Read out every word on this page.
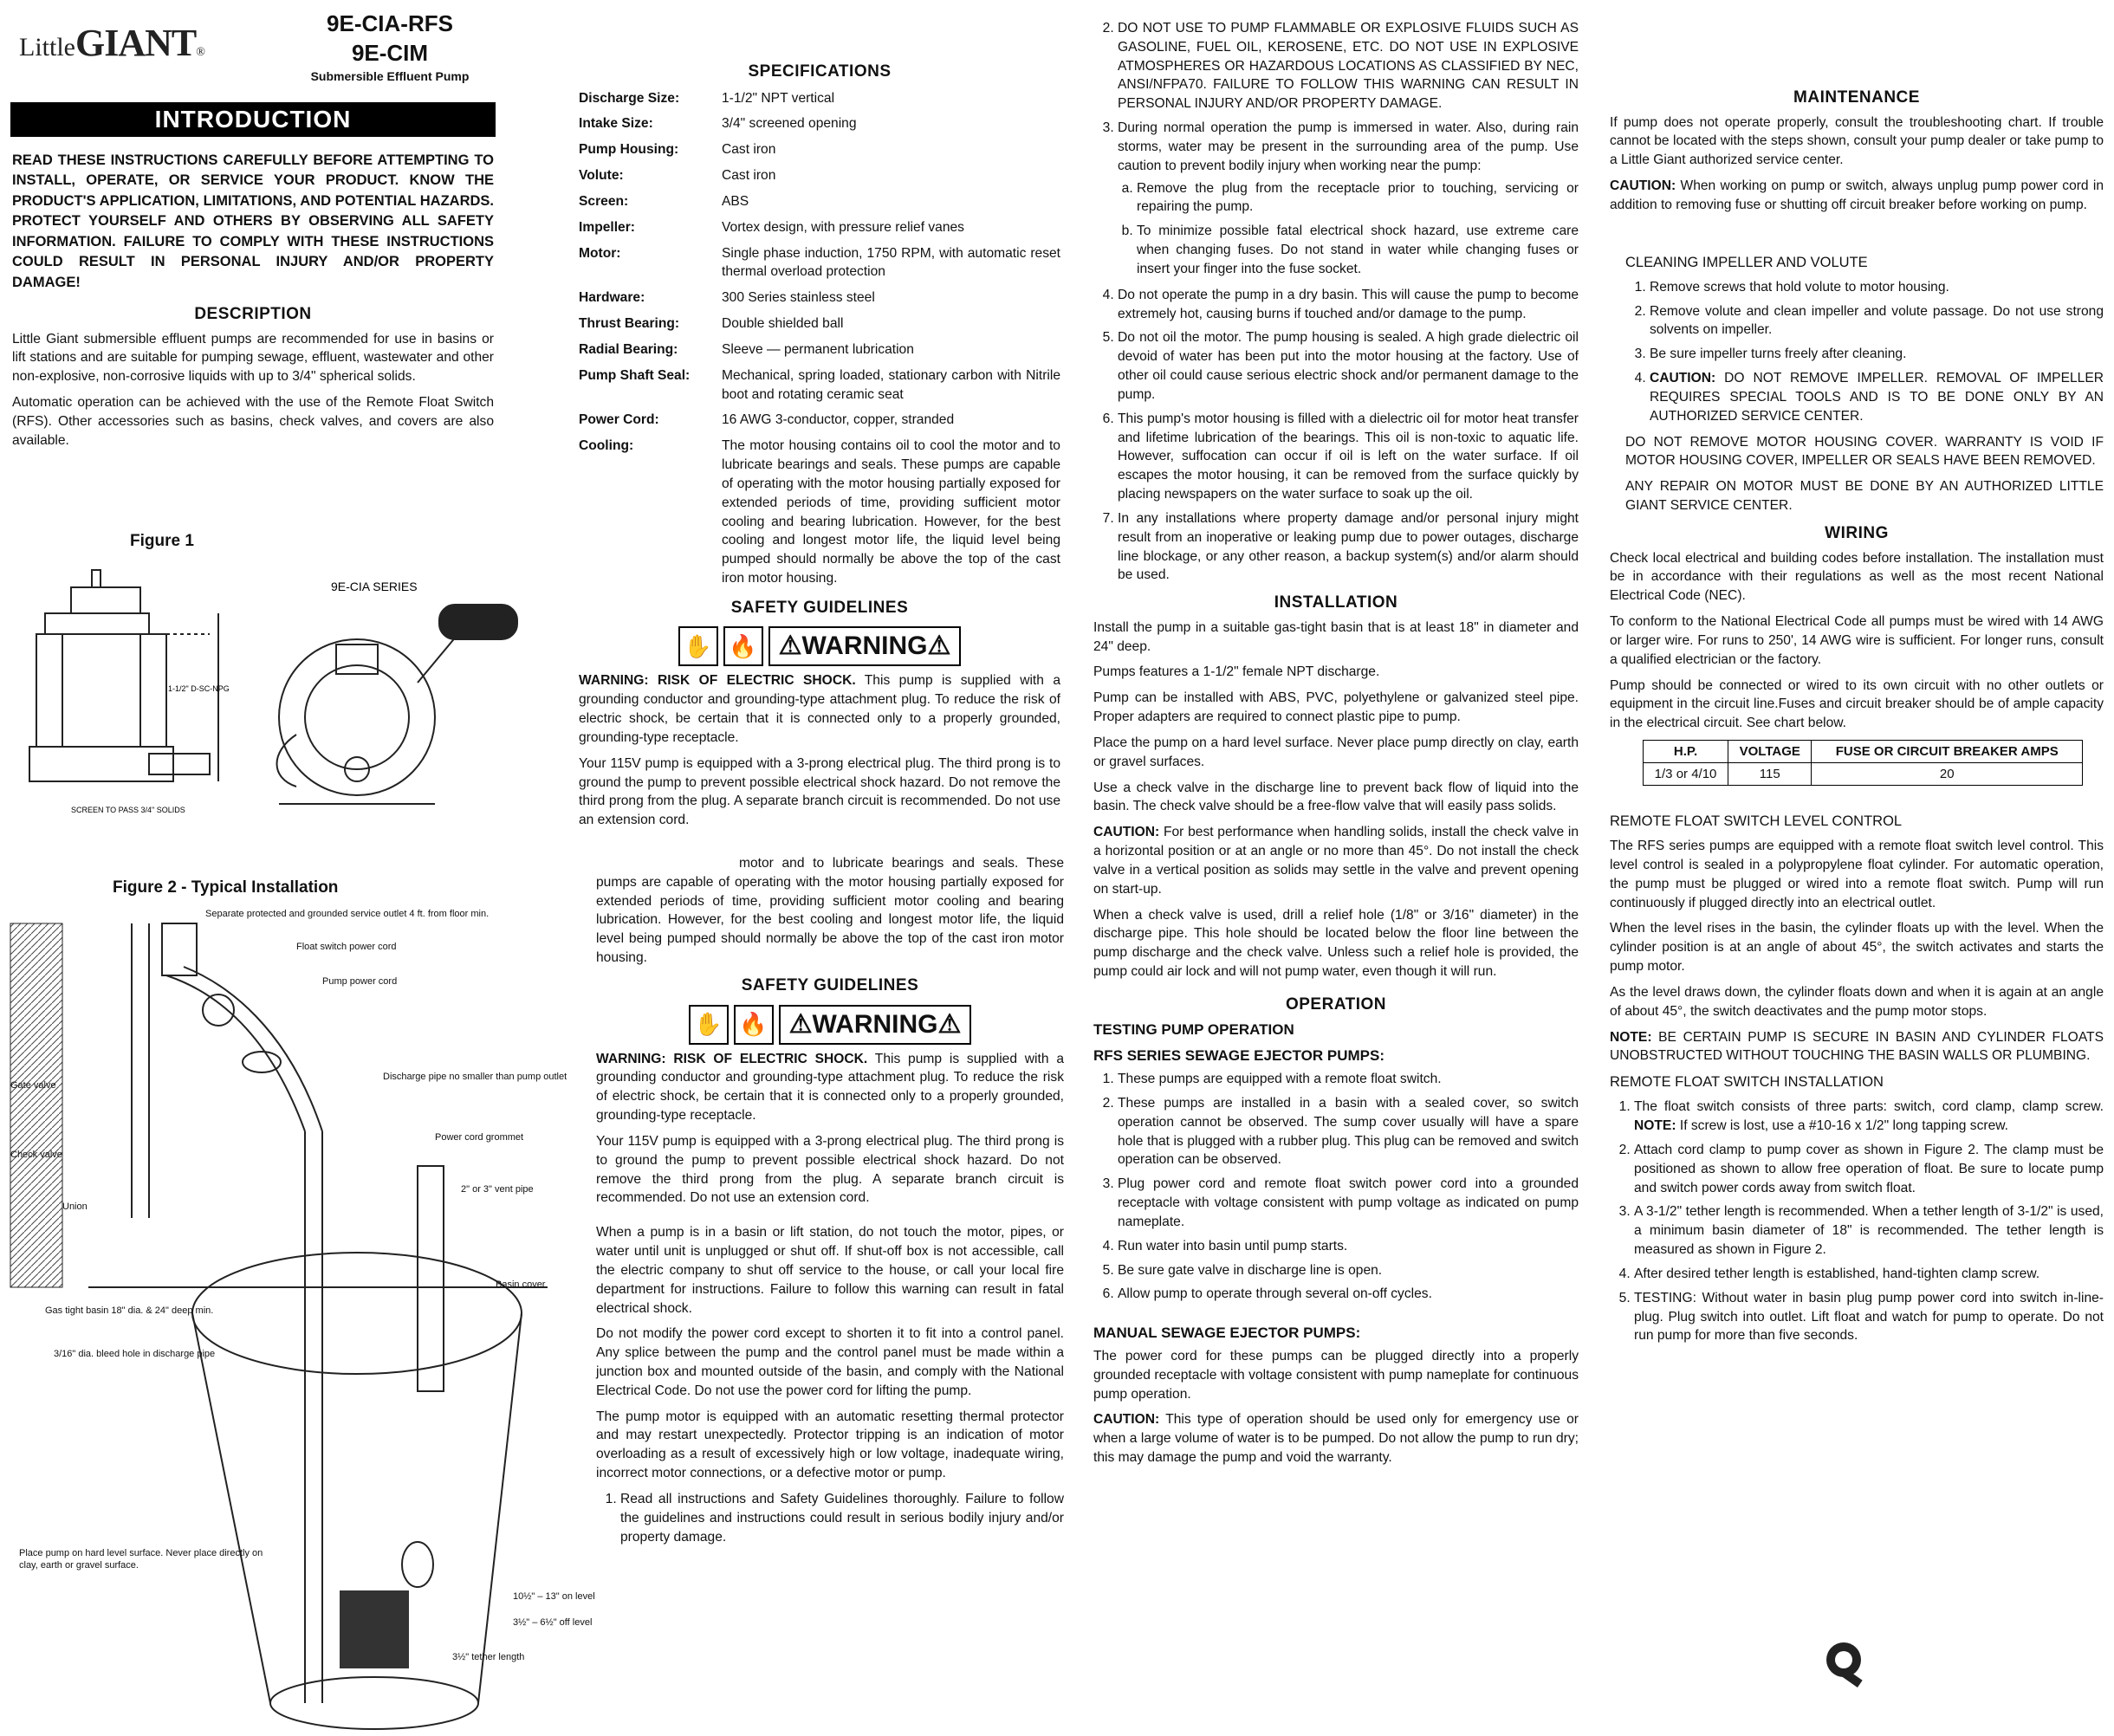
LittleGIANT®
9E-CIA-RFS
9E-CIM
Submersible Effluent Pump
INTRODUCTION

READ THESE INSTRUCTIONS CAREFULLY BEFORE ATTEMPTING TO INSTALL, OPERATE, OR SERVICE YOUR PRODUCT. KNOW THE PRODUCT'S APPLICATION, LIMITATIONS, AND POTENTIAL HAZARDS. PROTECT YOURSELF AND OTHERS BY OBSERVING ALL SAFETY INFORMATION. FAILURE TO COMPLY WITH THESE INSTRUCTIONS COULD RESULT IN PERSONAL INJURY AND/OR PROPERTY DAMAGE!

DESCRIPTION

Little Giant submersible effluent pumps are recommended for use in basins or lift stations and are suitable for pumping sewage, effluent, wastewater and other non-explosive, non-corrosive liquids with up to 3/4" spherical solids.

Automatic operation can be achieved with the use of the Remote Float Switch (RFS). Other accessories such as basins, check valves, and covers are also available.

Figure 1
9E-CIA SERIES
1-1/2" D-SC-NPG
SCREEN TO PASS 3/4" SOLIDS
Figure 2 - Typical Installation
Separate protected and grounded service outlet 4 ft. from floor min.
Float switch power cord
Pump power cord
Gate valve
Discharge pipe no smaller than pump outlet
Check valve
Power cord grommet
2" or 3" vent pipe
Union
Basin cover
Gas tight basin 18" dia. & 24" deep min.
3/16" dia. bleed hole in discharge pipe
10½" – 13" on level
3½" – 6½" off level
3½" tether length
Place pump on hard level surface. Never place directly on clay, earth or gravel surface.
SPECIFICATIONS
Discharge Size:	1-1/2" NPT vertical
Intake Size:	3/4" screened opening
Pump Housing:	Cast iron
Volute:	Cast iron
Screen:	ABS
Impeller:	Vortex design, with pressure relief vanes
Motor:	Single phase induction, 1750 RPM, with automatic reset thermal overload protection
Hardware:	300 Series stainless steel
Thrust Bearing:	Double shielded ball
Radial Bearing:	Sleeve — permanent lubrication
Pump Shaft Seal:	Mechanical, spring loaded, stationary carbon with Nitrile boot and rotating ceramic seat
Power Cord:	16 AWG 3-conductor, copper, stranded
Cooling:	The motor housing contains oil to cool the motor and to lubricate bearings and seals. These pumps are capable of operating with the motor housing partially exposed for extended periods of time, providing sufficient motor cooling and bearing lubrication. However, for the best cooling and longest motor life, the liquid level being pumped should normally be above the top of the cast iron motor housing.
SAFETY GUIDELINES
✋ 🔥 ⚠WARNING⚠

WARNING: RISK OF ELECTRIC SHOCK. This pump is supplied with a grounding conductor and grounding-type attachment plug. To reduce the risk of electric shock, be certain that it is connected only to a properly grounded, grounding-type receptacle.

Your 115V pump is equipped with a 3-prong electrical plug. The third prong is to ground the pump to prevent possible electrical shock hazard. Do not remove the third prong from the plug. A separate branch circuit is recommended. Do not use an extension cord.

motor and to lubricate bearings and seals. These pumps are capable of operating with the motor housing partially exposed for extended periods of time, providing sufficient motor cooling and bearing lubrication. However, for the best cooling and longest motor life, the liquid level being pumped should normally be above the top of the cast iron motor housing.

SAFETY GUIDELINES
✋ 🔥 ⚠WARNING⚠

WARNING: RISK OF ELECTRIC SHOCK. This pump is supplied with a grounding conductor and grounding-type attachment plug. To reduce the risk of electric shock, be certain that it is connected only to a properly grounded, grounding-type receptacle.

Your 115V pump is equipped with a 3-prong electrical plug. The third prong is to ground the pump to prevent possible electrical shock hazard. Do not remove the third prong from the plug. A separate branch circuit is recommended. Do not use an extension cord.

When a pump is in a basin or lift station, do not touch the motor, pipes, or water until unit is unplugged or shut off. If shut-off box is not accessible, call the electric company to shut off service to the house, or call your local fire department for instructions. Failure to follow this warning can result in fatal electrical shock.

Do not modify the power cord except to shorten it to fit into a control panel. Any splice between the pump and the control panel must be made within a junction box and mounted outside of the basin, and comply with the National Electrical Code. Do not use the power cord for lifting the pump.

The pump motor is equipped with an automatic resetting thermal protector and may restart unexpectedly. Protector tripping is an indication of motor overloading as a result of excessively high or low voltage, inadequate wiring, incorrect motor connections, or a defective motor or pump.

1. Read all instructions and Safety Guidelines thoroughly. Failure to follow the guidelines and instructions could result in serious bodily injury and/or property damage.
2. DO NOT USE TO PUMP FLAMMABLE OR EXPLOSIVE FLUIDS SUCH AS GASOLINE, FUEL OIL, KEROSENE, ETC. DO NOT USE IN EXPLOSIVE ATMOSPHERES OR HAZARDOUS LOCATIONS AS CLASSIFIED BY NEC, ANSI/NFPA70. FAILURE TO FOLLOW THIS WARNING CAN RESULT IN PERSONAL INJURY AND/OR PROPERTY DAMAGE.
3. During normal operation the pump is immersed in water. Also, during rain storms, water may be present in the surrounding area of the pump. Use caution to prevent bodily injury when working near the pump:
a. Remove the plug from the receptacle prior to touching, servicing or repairing the pump.
b. To minimize possible fatal electrical shock hazard, use extreme care when changing fuses. Do not stand in water while changing fuses or insert your finger into the fuse socket.
4. Do not operate the pump in a dry basin. This will cause the pump to become extremely hot, causing burns if touched and/or damage to the pump.
5. Do not oil the motor. The pump housing is sealed. A high grade dielectric oil devoid of water has been put into the motor housing at the factory. Use of other oil could cause serious electric shock and/or permanent damage to the pump.
6. This pump's motor housing is filled with a dielectric oil for motor heat transfer and lifetime lubrication of the bearings. This oil is non-toxic to aquatic life. However, suffocation can occur if oil is left on the water surface. If oil escapes the motor housing, it can be removed from the surface quickly by placing newspapers on the water surface to soak up the oil.
7. In any installations where property damage and/or personal injury might result from an inoperative or leaking pump due to power outages, discharge line blockage, or any other reason, a backup system(s) and/or alarm should be used.
INSTALLATION

Install the pump in a suitable gas-tight basin that is at least 18" in diameter and 24" deep.

Pumps features a 1-1/2" female NPT discharge.

Pump can be installed with ABS, PVC, polyethylene or galvanized steel pipe. Proper adapters are required to connect plastic pipe to pump.

Place the pump on a hard level surface. Never place pump directly on clay, earth or gravel surfaces.

Use a check valve in the discharge line to prevent back flow of liquid into the basin. The check valve should be a free-flow valve that will easily pass solids.

CAUTION: For best performance when handling solids, install the check valve in a horizontal position or at an angle or no more than 45°. Do not install the check valve in a vertical position as solids may settle in the valve and prevent opening on start-up.

When a check valve is used, drill a relief hole (1/8" or 3/16" diameter) in the discharge pipe. This hole should be located below the floor line between the pump discharge and the check valve. Unless such a relief hole is provided, the pump could air lock and will not pump water, even though it will run.

OPERATION
TESTING PUMP OPERATION
RFS SERIES SEWAGE EJECTOR PUMPS:
1. These pumps are equipped with a remote float switch.
2. These pumps are installed in a basin with a sealed cover, so switch operation cannot be observed. The sump cover usually will have a spare hole that is plugged with a rubber plug. This plug can be removed and switch operation can be observed.
3. Plug power cord and remote float switch power cord into a grounded receptacle with voltage consistent with pump voltage as indicated on pump nameplate.
4. Run water into basin until pump starts.
5. Be sure gate valve in discharge line is open.
6. Allow pump to operate through several on-off cycles.
MANUAL SEWAGE EJECTOR PUMPS:

The power cord for these pumps can be plugged directly into a properly grounded receptacle with voltage consistent with pump nameplate for continuous pump operation.

CAUTION: This type of operation should be used only for emergency use or when a large volume of water is to be pumped. Do not allow the pump to run dry; this may damage the pump and void the warranty.

MAINTENANCE

If pump does not operate properly, consult the troubleshooting chart. If trouble cannot be located with the steps shown, consult your pump dealer or take pump to a Little Giant authorized service center.

CAUTION: When working on pump or switch, always unplug pump power cord in addition to removing fuse or shutting off circuit breaker before working on pump.

CLEANING IMPELLER AND VOLUTE
1. Remove screws that hold volute to motor housing.
2. Remove volute and clean impeller and volute passage. Do not use strong solvents on impeller.
3. Be sure impeller turns freely after cleaning.
4. CAUTION: DO NOT REMOVE IMPELLER. REMOVAL OF IMPELLER REQUIRES SPECIAL TOOLS AND IS TO BE DONE ONLY BY AN AUTHORIZED SERVICE CENTER.

DO NOT REMOVE MOTOR HOUSING COVER. WARRANTY IS VOID IF MOTOR HOUSING COVER, IMPELLER OR SEALS HAVE BEEN REMOVED.

ANY REPAIR ON MOTOR MUST BE DONE BY AN AUTHORIZED LITTLE GIANT SERVICE CENTER.

WIRING

Check local electrical and building codes before installation. The installation must be in accordance with their regulations as well as the most recent National Electrical Code (NEC).

To conform to the National Electrical Code all pumps must be wired with 14 AWG or larger wire. For runs to 250', 14 AWG wire is sufficient. For longer runs, consult a qualified electrician or the factory.

Pump should be connected or wired to its own circuit with no other outlets or equipment in the circuit line.Fuses and circuit breaker should be of ample capacity in the electrical circuit. See chart below.

H.P.	VOLTAGE	FUSE OR CIRCUIT BREAKER AMPS
1/3 or 4/10	115	20
REMOTE FLOAT SWITCH LEVEL CONTROL

The RFS series pumps are equipped with a remote float switch level control. This level control is sealed in a polypropylene float cylinder. For automatic operation, the pump must be plugged or wired into a remote float switch. Pump will run continuously if plugged directly into an electrical outlet.

When the level rises in the basin, the cylinder floats up with the level. When the cylinder position is at an angle of about 45°, the switch activates and starts the pump motor.

As the level draws down, the cylinder floats down and when it is again at an angle of about 45°, the switch deactivates and the pump motor stops.

NOTE: BE CERTAIN PUMP IS SECURE IN BASIN AND CYLINDER FLOATS UNOBSTRUCTED WITHOUT TOUCHING THE BASIN WALLS OR PLUMBING.

REMOTE FLOAT SWITCH INSTALLATION
1. The float switch consists of three parts: switch, cord clamp, clamp screw. NOTE: If screw is lost, use a #10-16 x 1/2" long tapping screw.
2. Attach cord clamp to pump cover as shown in Figure 2. The clamp must be positioned as shown to allow free operation of float. Be sure to locate pump and switch power cords away from switch float.
3. A 3-1/2" tether length is recommended. When a tether length of 3-1/2" is used, a minimum basin diameter of 18" is recommended. The tether length is measured as shown in Figure 2.
4. After desired tether length is established, hand-tighten clamp screw.
5. TESTING: Without water in basin plug pump power cord into switch in-line-plug. Plug switch into outlet. Lift float and watch for pump to operate. Do not run pump for more than five seconds.
